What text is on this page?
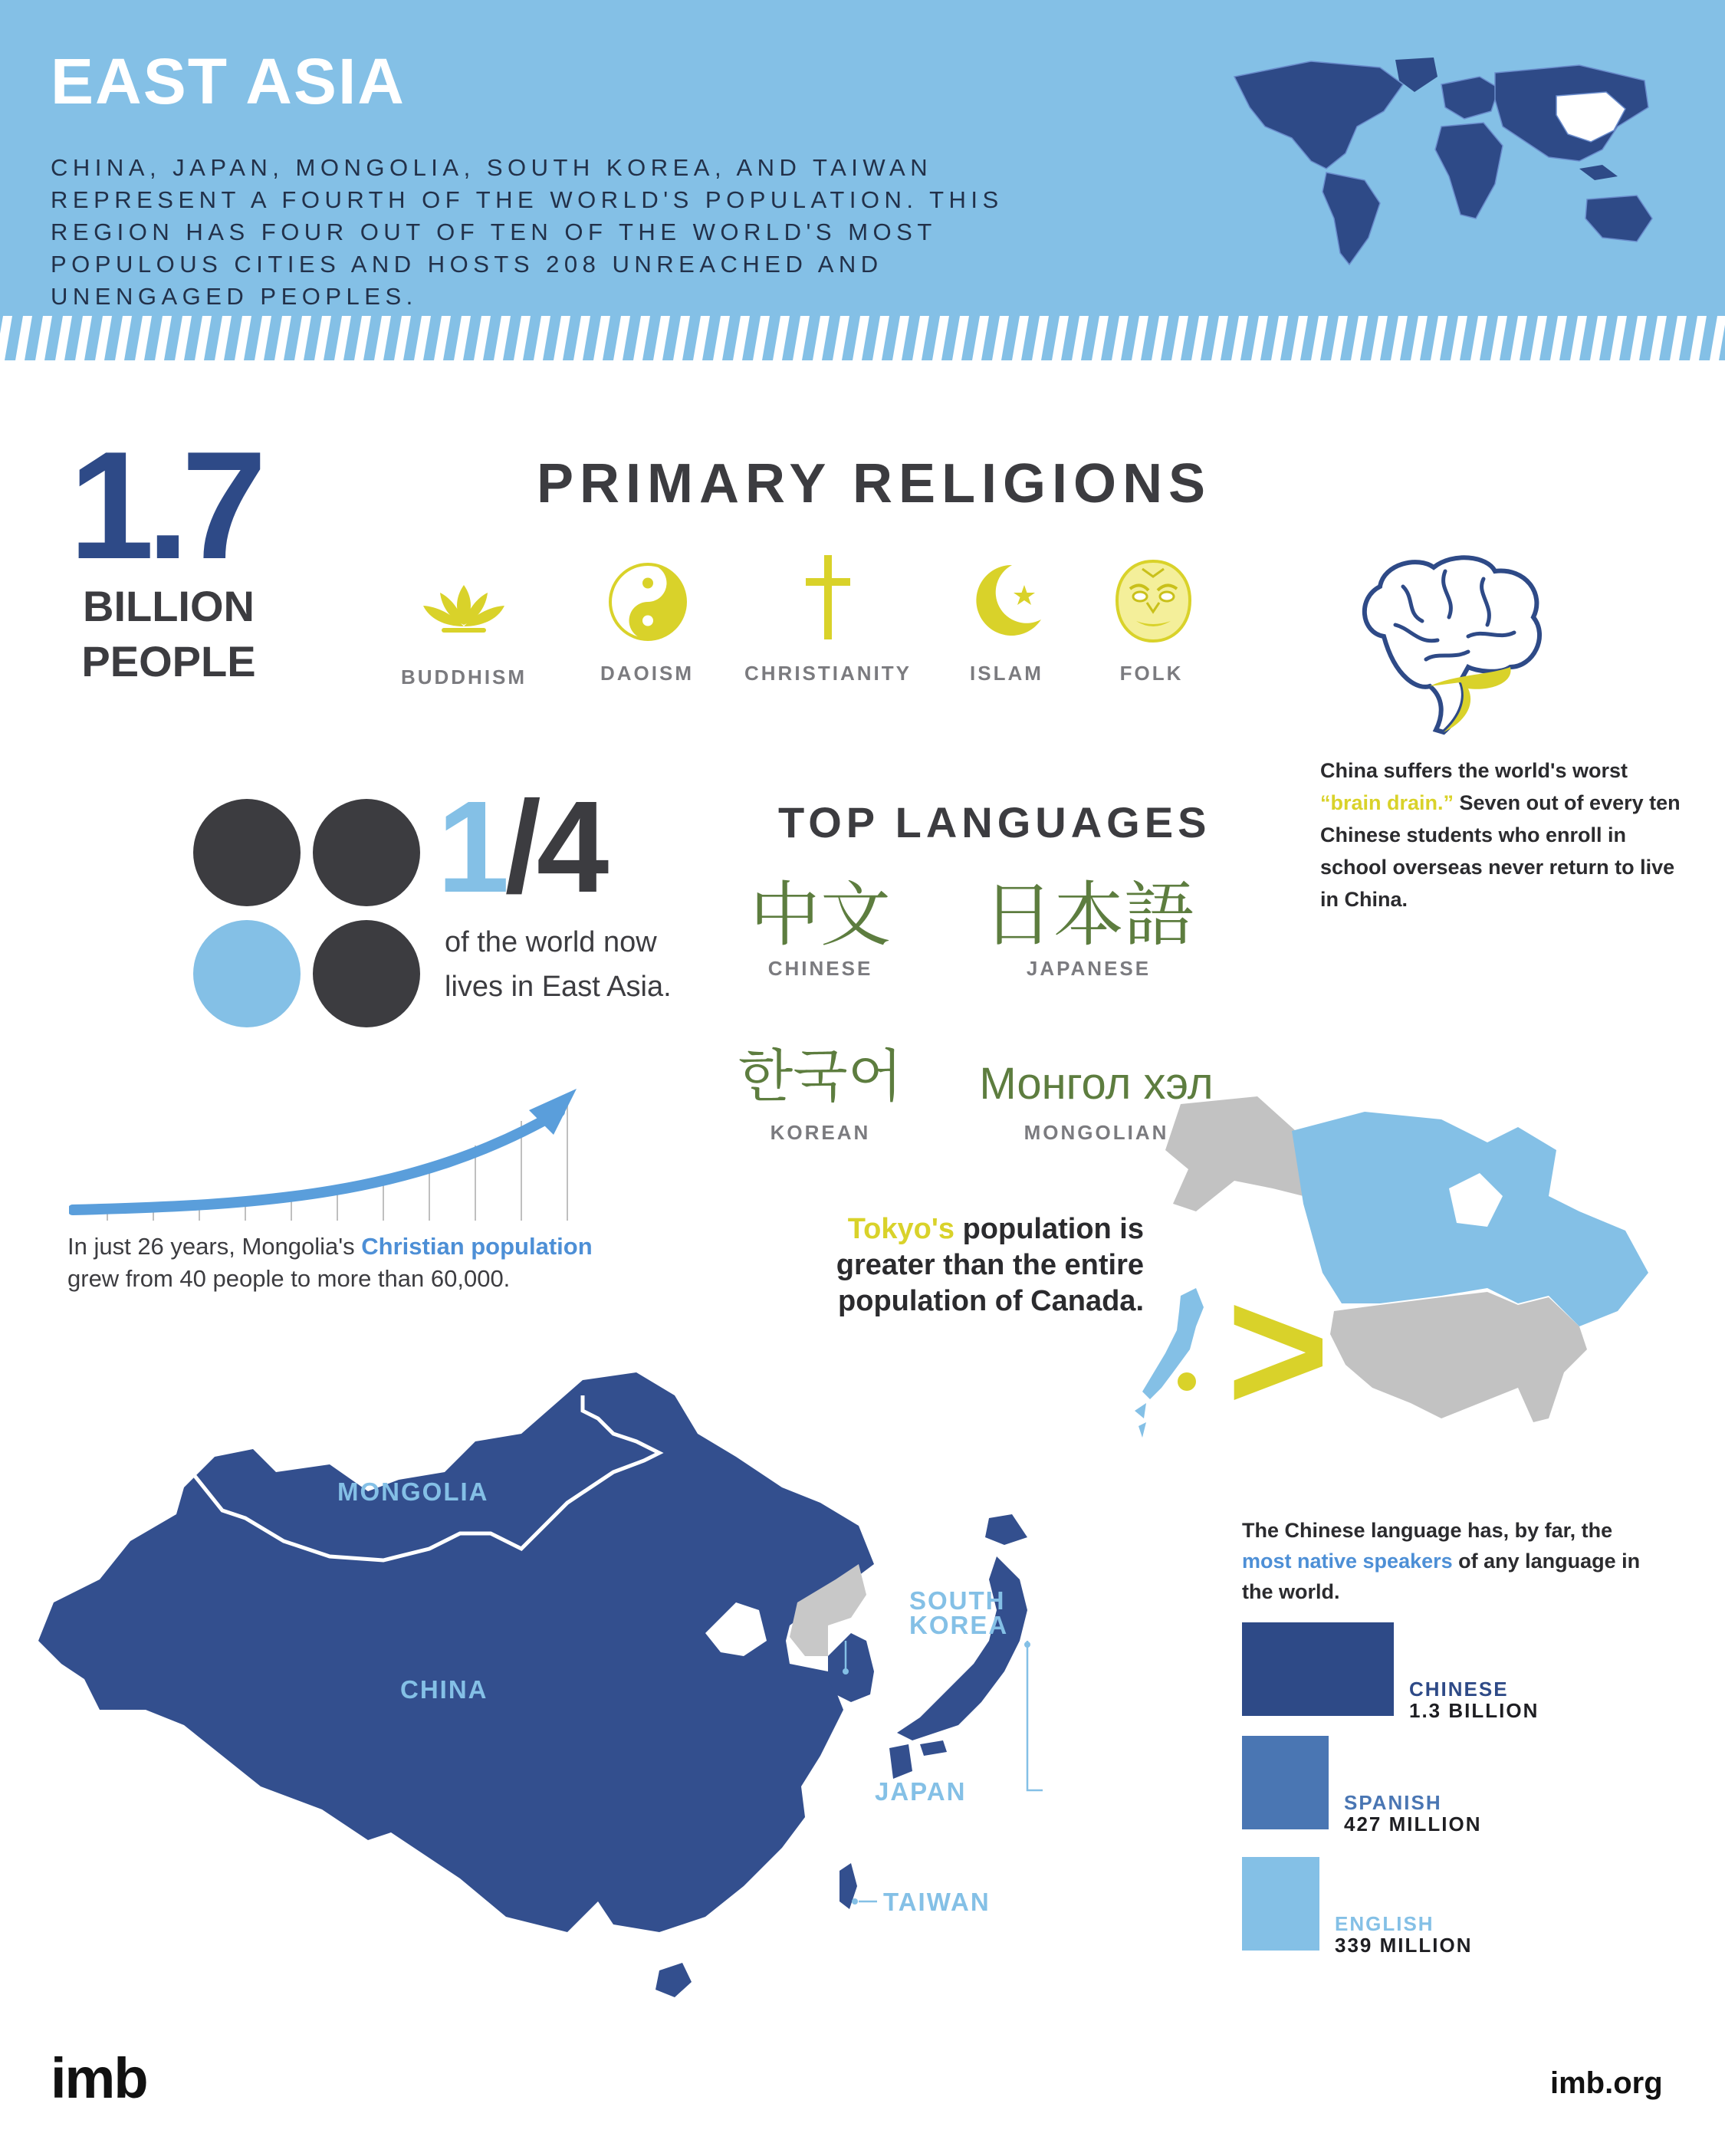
EAST ASIA
CHINA, JAPAN, MONGOLIA, SOUTH KOREA, AND TAIWAN REPRESENT A FOURTH OF THE WORLD'S POPULATION. THIS REGION HAS FOUR OUT OF TEN OF THE WORLD'S MOST POPULOUS CITIES AND HOSTS 208 UNREACHED AND UNENGAGED PEOPLES.
1.7
BILLION
PEOPLE
PRIMARY RELIGIONS
BUDDHISM	DAOISM	CHRISTIANITY	ISLAM	FOLK
China suffers the world's worst “brain drain.” Seven out of every ten Chinese students who enroll in school overseas never return to live in China.
1/4
of the world now lives in East Asia.
TOP LANGUAGES
中文
CHINESE
日本語
JAPANESE
한국어
KOREAN
Монгол хэл
MONGOLIAN
In just 26 years, Mongolia's Christian population grew from 40 people to more than 60,000.
Tokyo's population is greater than the entire population of Canada. >
MONGOLIA
CHINA
SOUTH
KOREA
JAPAN
TAIWAN
The Chinese language has, by far, the most native speakers of any language in the world.
CHINESE
1.3 BILLION
SPANISH
427 MILLION
ENGLISH
339 MILLION
imb	imb.org
